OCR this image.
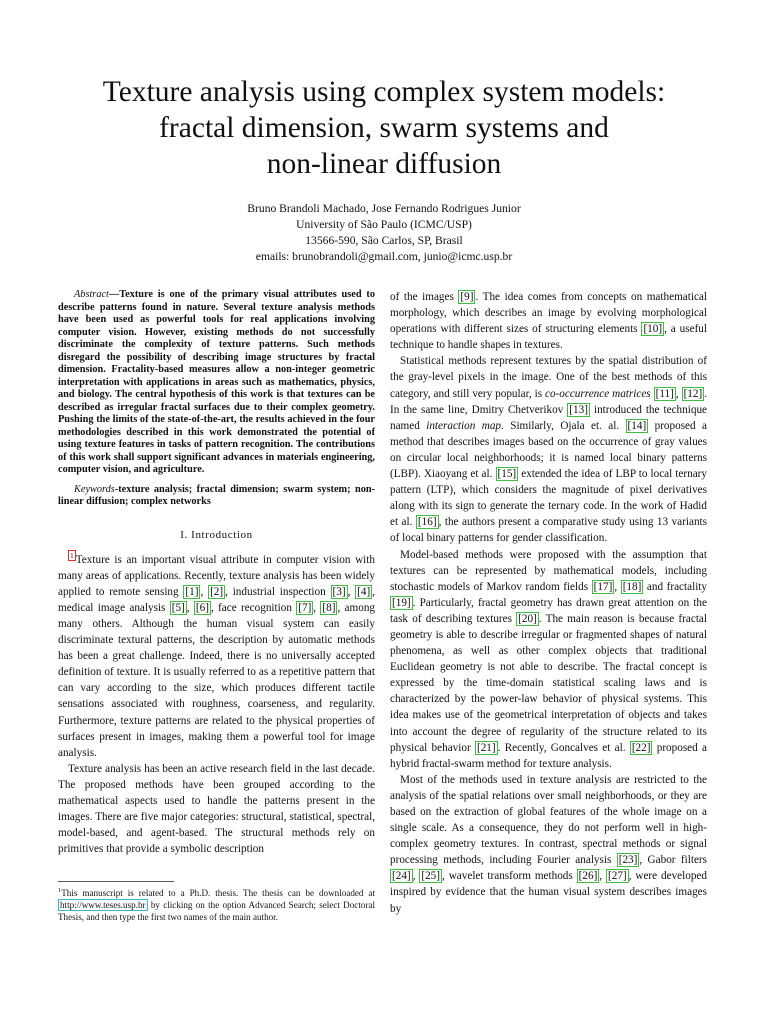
Texture analysis using complex system models:
fractal dimension, swarm systems and
non-linear diffusion
Bruno Brandoli Machado, Jose Fernando Rodrigues Junior
University of São Paulo (ICMC/USP)
13566-590, São Carlos, SP, Brasil
emails: brunobrandoli@gmail.com, junio@icmc.usp.br

Abstract—Texture is one of the primary visual attributes used to describe patterns found in nature. Several texture analysis methods have been used as powerful tools for real applications involving computer vision. However, existing methods do not successfully discriminate the complexity of texture patterns. Such methods disregard the possibility of describing image structures by fractal dimension. Fractality-based measures allow a non-integer geometric interpretation with applications in areas such as mathematics, physics, and biology. The central hypothesis of this work is that textures can be described as irregular fractal surfaces due to their complex geometry. Pushing the limits of the state-of-the-art, the results achieved in the four methodologies described in this work demonstrated the potential of using texture features in tasks of pattern recognition. The contributions of this work shall support significant advances in materials engineering, computer vision, and agriculture.

Keywords-texture analysis; fractal dimension; swarm system; non-linear diffusion; complex networks

I. Introduction

$^1$ Texture is an important visual attribute in computer vision with many areas of applications. Recently, texture analysis has been widely applied to remote sensing [1] , [2] , industrial inspection [3] , [4] , medical image analysis [5] , [6] , face recognition [7] , [8] , among many others. Although the human visual system can easily discriminate textural patterns, the description by automatic methods has been a great challenge. Indeed, there is no universally accepted definition of texture. It is usually referred to as a repetitive pattern that can vary according to the size, which produces different tactile sensations associated with roughness, coarseness, and regularity. Furthermore, texture patterns are related to the physical properties of surfaces present in images, making them a powerful tool for image analysis.

Texture analysis has been an active research field in the last decade. The proposed methods have been grouped according to the mathematical aspects used to handle the patterns present in the images. There are five major categories: structural, statistical, spectral, model-based, and agent-based. The structural methods rely on primitives that provide a symbolic description

$^1$This manuscript is related to a Ph.D. thesis. The thesis can be downloaded at http://www.teses.usp.br by clicking on the option Advanced Search; select Doctoral Thesis, and then type the first two names of the main author.

of the images [9] . The idea comes from concepts on mathematical morphology, which describes an image by evolving morphological operations with different sizes of structuring elements [10] , a useful technique to handle shapes in textures.

Statistical methods represent textures by the spatial distribution of the gray-level pixels in the image. One of the best methods of this category, and still very popular, is co-occurrence matrices [11] , [12] . In the same line, Dmitry Chetverikov [13] introduced the technique named interaction map. Similarly, Ojala et. al. [14] proposed a method that describes images based on the occurrence of gray values on circular local neighborhoods; it is named local binary patterns (LBP). Xiaoyang et al. [15] extended the idea of LBP to local ternary pattern (LTP), which considers the magnitude of pixel derivatives along with its sign to generate the ternary code. In the work of Hadid et al. [16] , the authors present a comparative study using 13 variants of local binary patterns for gender classification.

Model-based methods were proposed with the assumption that textures can be represented by mathematical models, including stochastic models of Markov random fields [17] , [18] and fractality [19] . Particularly, fractal geometry has drawn great attention on the task of describing textures [20] . The main reason is because fractal geometry is able to describe irregular or fragmented shapes of natural phenomena, as well as other complex objects that traditional Euclidean geometry is not able to describe. The fractal concept is expressed by the time-domain statistical scaling laws and is characterized by the power-law behavior of physical systems. This idea makes use of the geometrical interpretation of objects and takes into account the degree of regularity of the structure related to its physical behavior [21] . Recently, Goncalves et al. [22] proposed a hybrid fractal-swarm method for texture analysis.

Most of the methods used in texture analysis are restricted to the analysis of the spatial relations over small neighborhoods, or they are based on the extraction of global features of the whole image on a single scale. As a consequence, they do not perform well in high-complex geometry textures. In contrast, spectral methods or signal processing methods, including Fourier analysis [23] , Gabor filters [24] , [25] , wavelet transform methods [26] , [27] , were developed inspired by evidence that the human visual system describes images by
